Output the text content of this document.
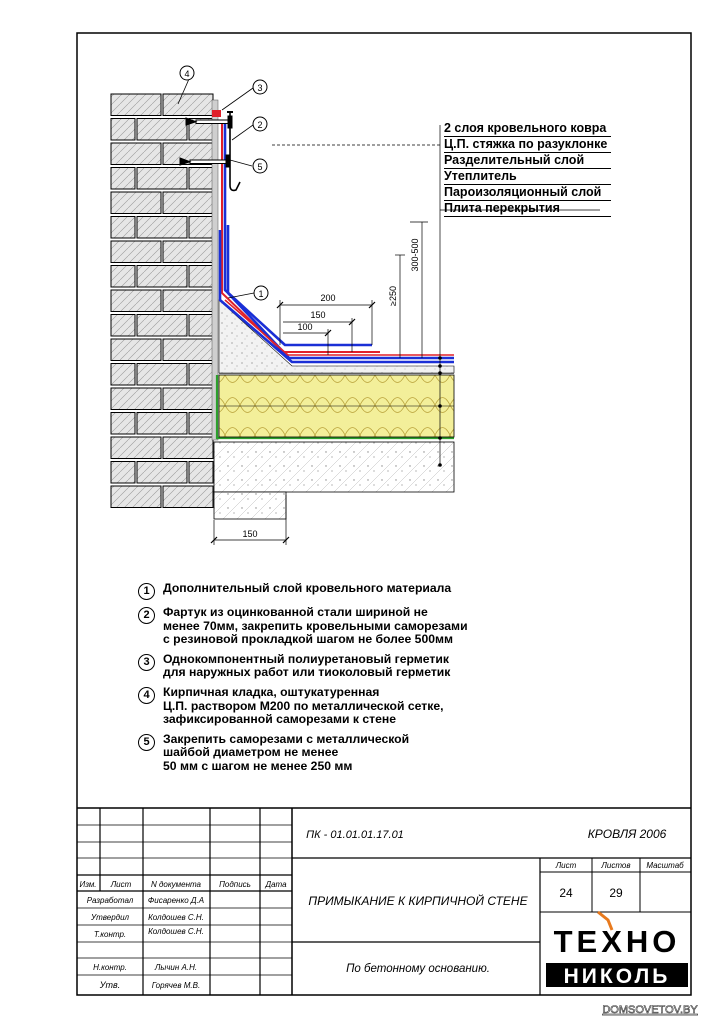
4
3
2
5
1	200
150
100
≥250
300-500
150
ТЕХНО
НИКОЛЬ
ПК - 01.01.01.17.01	КРОВЛЯ 2006
ПРИМЫКАНИЕ К КИРПИЧНОЙ СТЕНЕ
По бетонному основанию.
Лист	Листов Масштаб
24	29
Изм. Лист N документа Подпись Дата
Разработал Фисаренко Д.А
Утвердил Колдошев С.Н.
Т.контр.	Колдошев С.Н.
Н.контр.	Лычин А.Н.
Утв.	Горячев М.В.
DOMSOVETOV.BY
2 слоя кровельного ковра
Ц.П. стяжка по разуклонке
Разделительный слой
Утеплитель
Пароизоляционный слой
Плита перекрытия
1	Дополнительный слой кровельного материала
2	Фартук из оцинкованной стали шириной не
менее 70мм, закрепить кровельными саморезами
с резиновой прокладкой шагом не более 500мм
3	Однокомпонентный полиуретановый герметик
для наружных работ или тиоколовый герметик
4	Кирпичная кладка, оштукатуренная
Ц.П. раствором М200 по металлической сетке,
зафиксированной саморезами к стене
5	Закрепить саморезами с металлической
шайбой диаметром не менее
50 мм с шагом не менее 250 мм
